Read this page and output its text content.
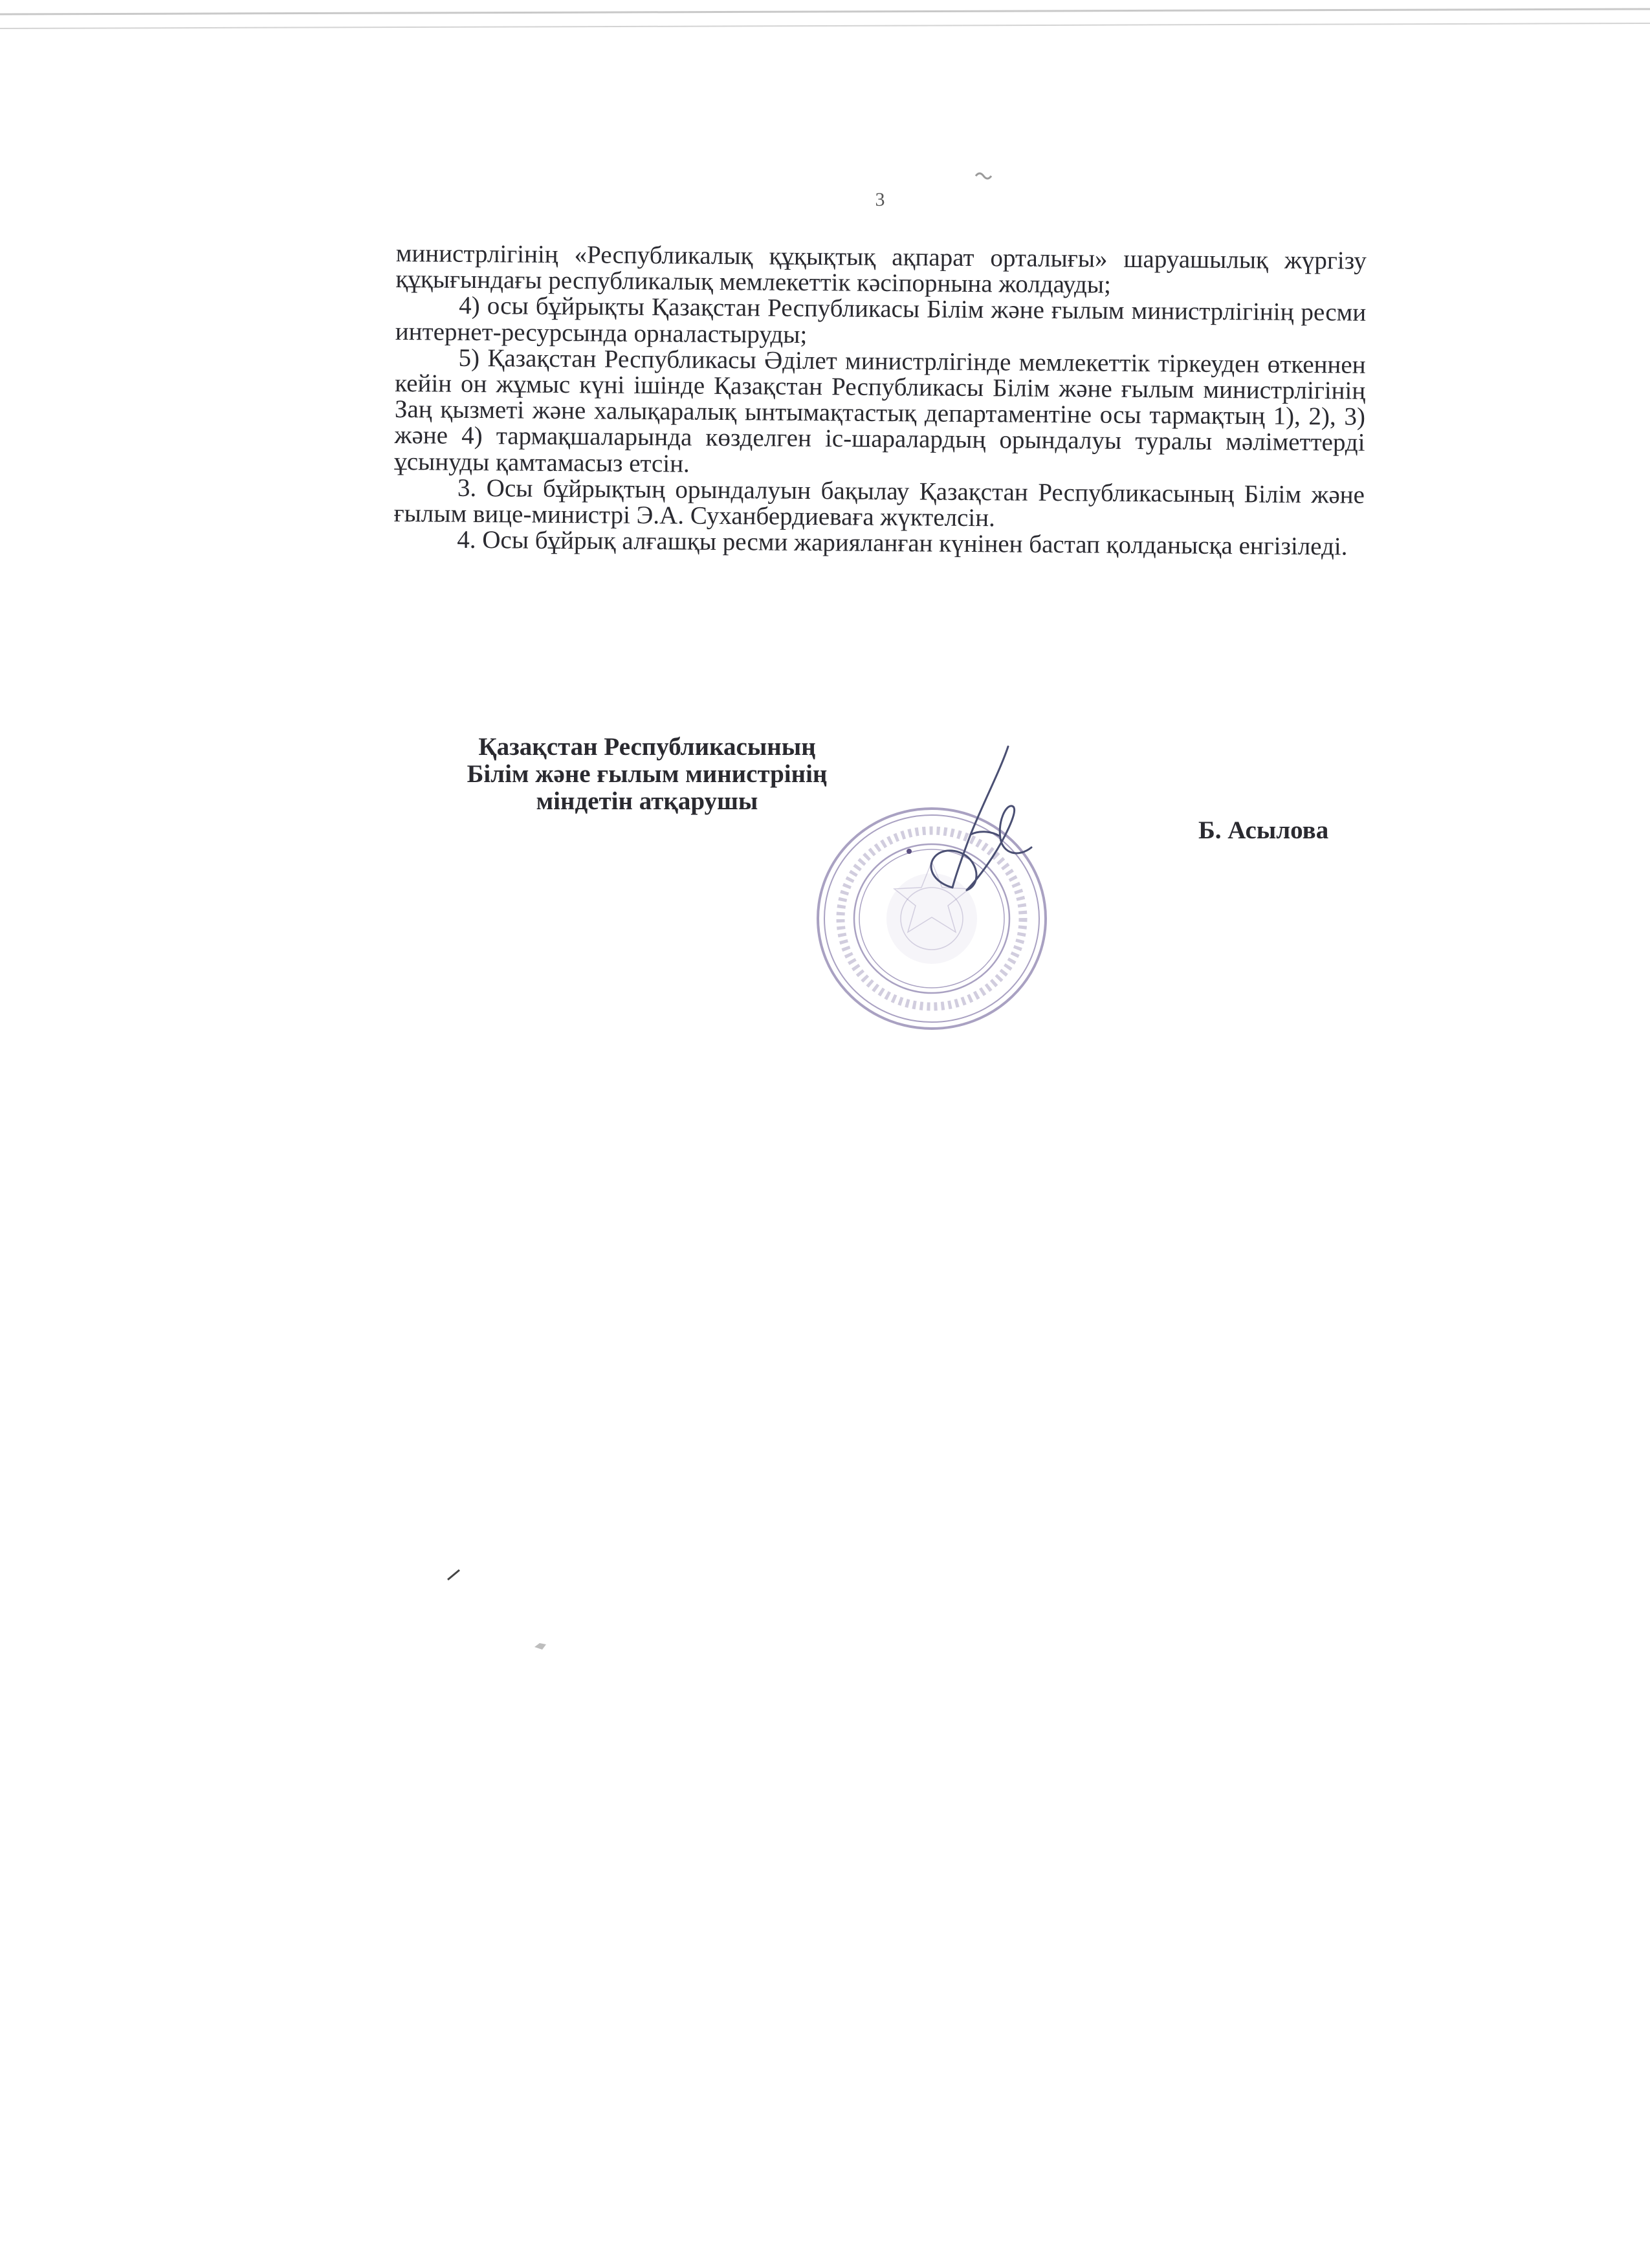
3

министрлігінің «Республикалық құқықтық ақпарат орталығы» шаруашылық жүргізу құқығындағы республикалық мемлекеттік кәсіпорнына жолдауды;

4) осы бұйрықты Қазақстан Республикасы Білім және ғылым министрлігінің ресми интернет-ресурсында орналастыруды;

5) Қазақстан Республикасы Әділет министрлігінде мемлекеттік тіркеуден өткеннен кейін он жұмыс күні ішінде Қазақстан Республикасы Білім және ғылым министрлігінің Заң қызметі және халықаралық ынтымақтастық департаментіне осы тармақтың 1), 2), 3) және 4) тармақшаларында көзделген іс-шаралардың орындалуы туралы мәліметтерді ұсынуды қамтамасыз етсін.

3. Осы бұйрықтың орындалуын бақылау Қазақстан Республикасының Білім және ғылым вице-министрі Э.А. Суханбердиеваға жүктелсін.

4. Осы бұйрық алғашқы ресми жарияланған күнінен бастап қолданысқа енгізіледі.

Қазақстан Республикасының
Білім және ғылым министрінің
міндетін атқарушы
Б. Асылова
